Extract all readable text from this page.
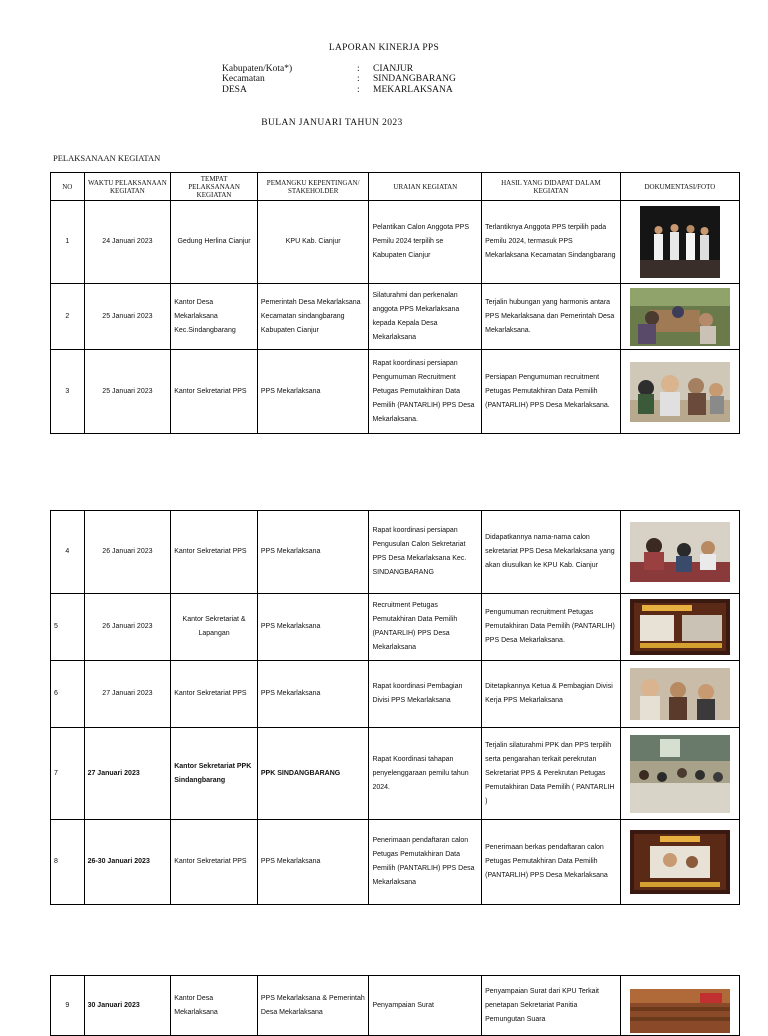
LAPORAN KINERJA PPS
Kabupaten/Kota*)	: CIANJUR
Kecamatan	: SINDANGBARANG
DESA	: MEKARLAKSANA
BULAN JANUARI TAHUN 2023
PELAKSANAAN KEGIATAN
NO	WAKTU PELAKSANAAN KEGIATAN	TEMPAT PELAKSANAAN KEGIATAN	PEMANGKU KEPENTINGAN/ STAKEHOLDER	URAIAN KEGIATAN	HASIL YANG DIDAPAT DALAM KEGIATAN	DOKUMENTASI/FOTO
1	24 Januari 2023	Gedung Herlina Cianjur	KPU Kab. Cianjur	Pelantikan Calon Anggota PPS Pemilu 2024 terpilih se Kabupaten Cianjur	Terlantiknya Anggota PPS terpilih pada Pemilu 2024, termasuk PPS Mekarlaksana Kecamatan Sindangbarang	

2	25 Januari 2023	Kantor Desa Mekarlaksana Kec.Sindangbarang	Pemerintah Desa Mekarlaksana Kecamatan sindangbarang Kabupaten Cianjur	Silaturahmi dan perkenalan anggota PPS Mekarlaksana kepada Kepala Desa Mekarlaksana	Terjalin hubungan yang harmonis antara PPS Mekarlaksana dan Pemerintah Desa Mekarlaksana.	

3	25 Januari 2023	Kantor Sekretariat PPS	PPS Mekarlaksana	Rapat koordinasi persiapan Pengumuman Recruitment Petugas Pemutakhiran Data Pemilih (PANTARLIH) PPS Desa Mekarlaksana.	Persiapan Pengumuman recruitment Petugas Pemutakhiran Data Pemilih (PANTARLIH) PPS Desa Mekarlaksana.	
4	26 Januari 2023	Kantor Sekretariat PPS	PPS Mekarlaksana	Rapat koordinasi persiapan Pengusulan Calon Sekretariat PPS Desa Mekarlaksana Kec. SINDANGBARANG	Didapatkannya nama-nama calon sekretariat PPS Desa Mekarlaksana yang akan diusulkan ke KPU Kab. Cianjur	

5	26 Januari 2023	Kantor Sekretariat & Lapangan	PPS Mekarlaksana	Recruitment Petugas Pemutakhiran Data Pemilih (PANTARLIH) PPS Desa Mekarlaksana	Pengumuman recruitment Petugas Pemutakhiran Data Pemilih (PANTARLIH) PPS Desa Mekarlaksana.	

6	27 Januari 2023	Kantor Sekretariat PPS	PPS Mekarlaksana	Rapat koordinasi Pembagian Divisi PPS Mekarlaksana	Ditetapkannya Ketua & Pembagian Divisi Kerja PPS Mekarlaksana	

7	27 Januari 2023	Kantor Sekretariat PPK Sindangbarang	PPK SINDANGBARANG	Rapat Koordinasi tahapan penyelenggaraan pemilu tahun 2024.	Terjalin silaturahmi PPK dan PPS terpilih serta pengarahan terkait perekrutan Sekretariat PPS & Perekrutan Petugas Pemutakhiran Data Pemilih ( PANTARLIH )	

8	26-30 Januari 2023	Kantor Sekretariat PPS	PPS Mekarlaksana	Penerimaan pendaftaran calon Petugas Pemutakhiran Data Pemilih (PANTARLIH) PPS Desa Mekarlaksana	Penerimaan berkas pendaftaran calon Petugas Pemutakhiran Data Pemilih (PANTARLIH) PPS Desa Mekarlaksana	
9	30 Januari 2023	Kantor Desa Mekarlaksana	PPS Mekarlaksana & Pemerintah Desa Mekarlaksana	Penyampaian Surat	Penyampaian Surat dari KPU Terkait penetapan Sekretariat Panitia Pemungutan Suara	
